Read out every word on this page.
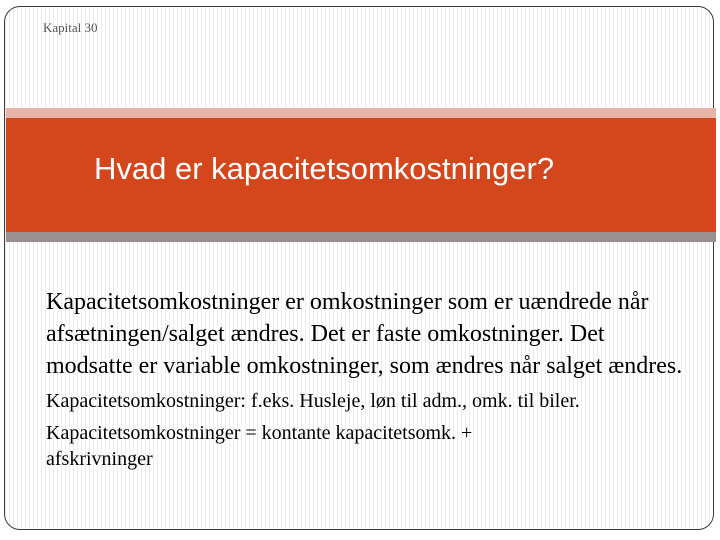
Kapital 30
Hvad er kapacitetsomkostninger?

Kapacitetsomkostninger er omkostninger som er uændrede når afsætningen/salget ændres. Det er faste omkostninger. Det modsatte er variable omkostninger, som ændres når salget ændres.

Kapacitetsomkostninger: f.eks. Husleje, løn til adm., omk. til biler.

Kapacitetsomkostninger = kontante kapacitetsomk. + afskrivninger
